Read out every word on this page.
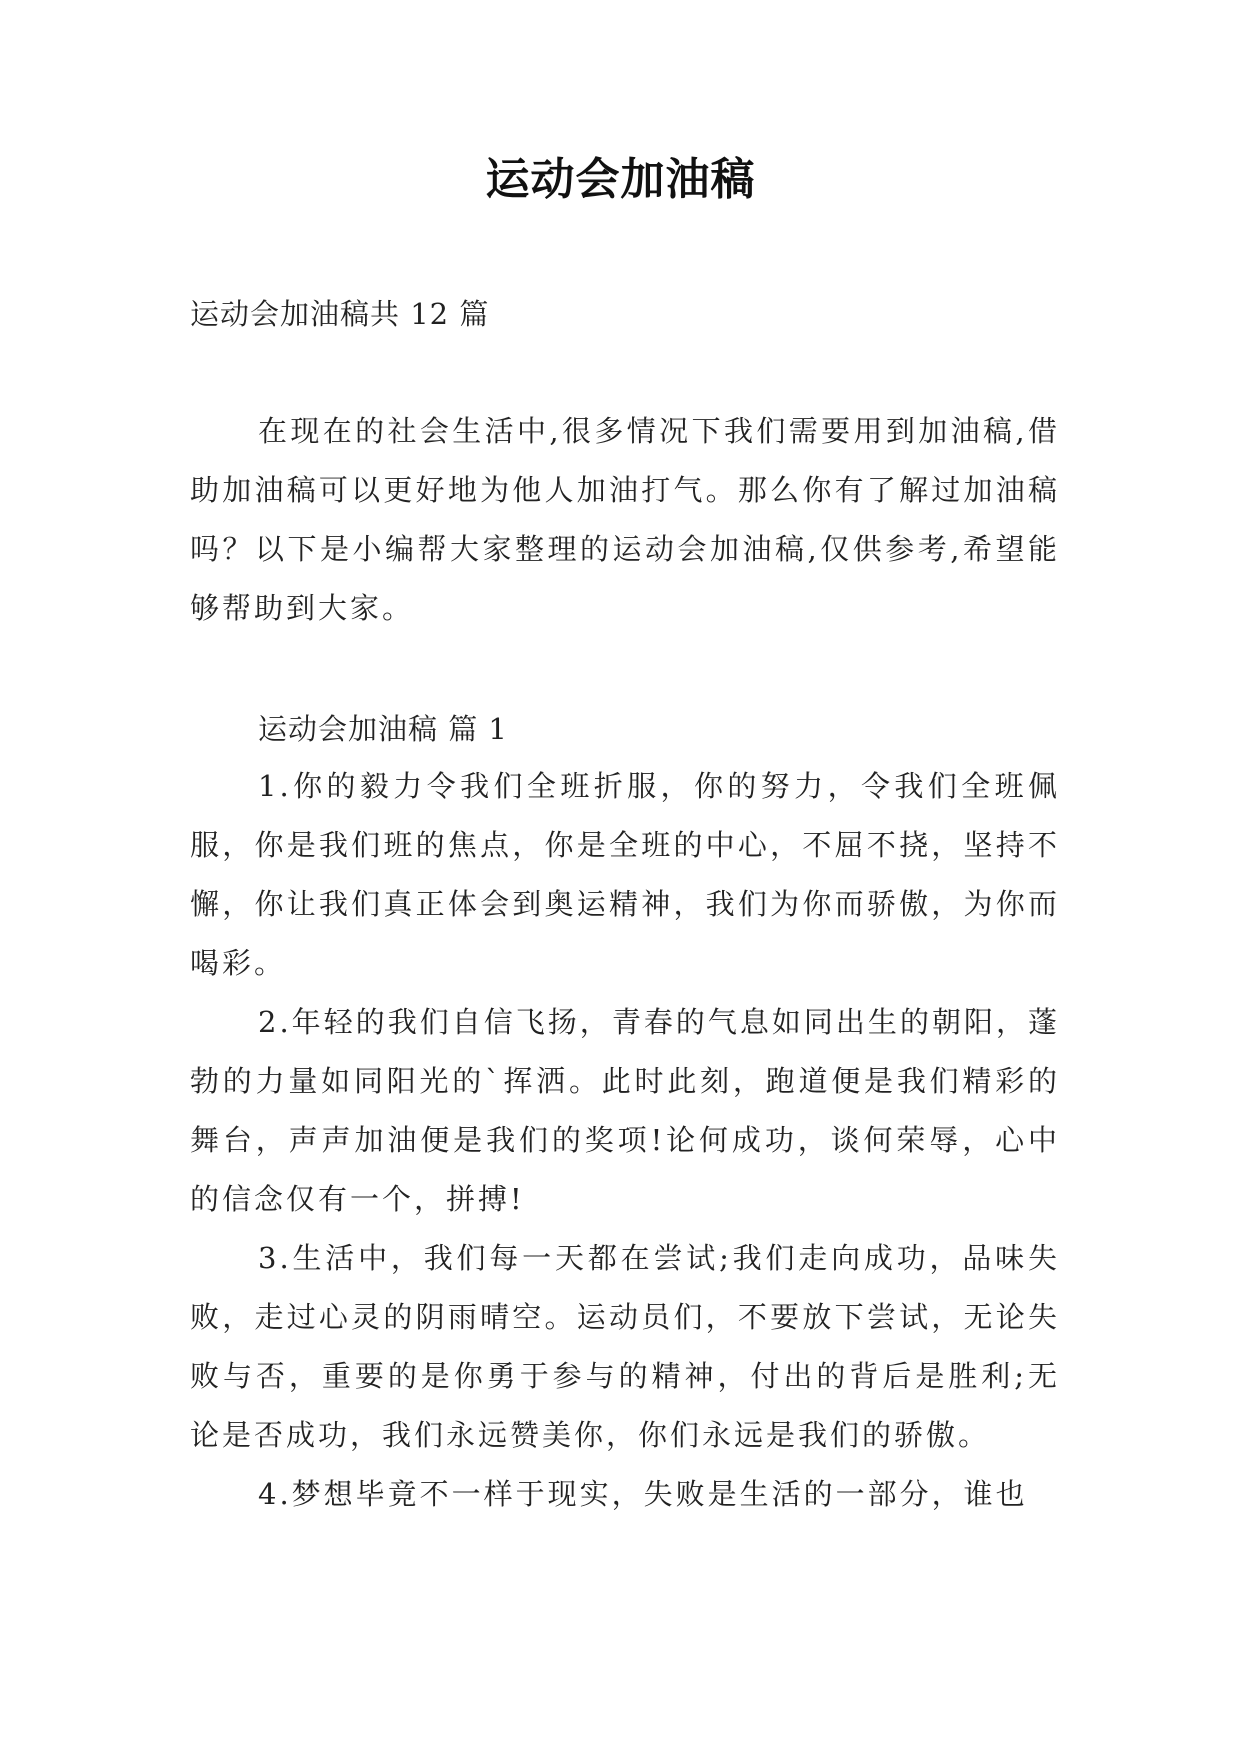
运动会加油稿

运动会加油稿共 12 篇

在现在的社会生活中,很多情况下我们需要用到加油稿,借助加油稿可以更好地为他人加油打气。那么你有了解过加油稿吗？以下是小编帮大家整理的运动会加油稿,仅供参考,希望能够帮助到大家。

运动会加油稿 篇 1

1.你的毅力令我们全班折服，你的努力，令我们全班佩服，你是我们班的焦点，你是全班的中心，不屈不挠，坚持不懈，你让我们真正体会到奥运精神，我们为你而骄傲，为你而喝彩。
2.年轻的我们自信飞扬，青春的气息如同出生的朝阳，蓬勃的力量如同阳光的`挥洒。此时此刻，跑道便是我们精彩的舞台，声声加油便是我们的奖项!论何成功，谈何荣辱，心中的信念仅有一个，拼搏!
3.生活中，我们每一天都在尝试;我们走向成功，品味失败，走过心灵的阴雨晴空。运动员们，不要放下尝试，无论失败与否，重要的是你勇于参与的精神，付出的背后是胜利;无论是否成功，我们永远赞美你，你们永远是我们的骄傲。
4.梦想毕竟不一样于现实，失败是生活的一部分，谁也
